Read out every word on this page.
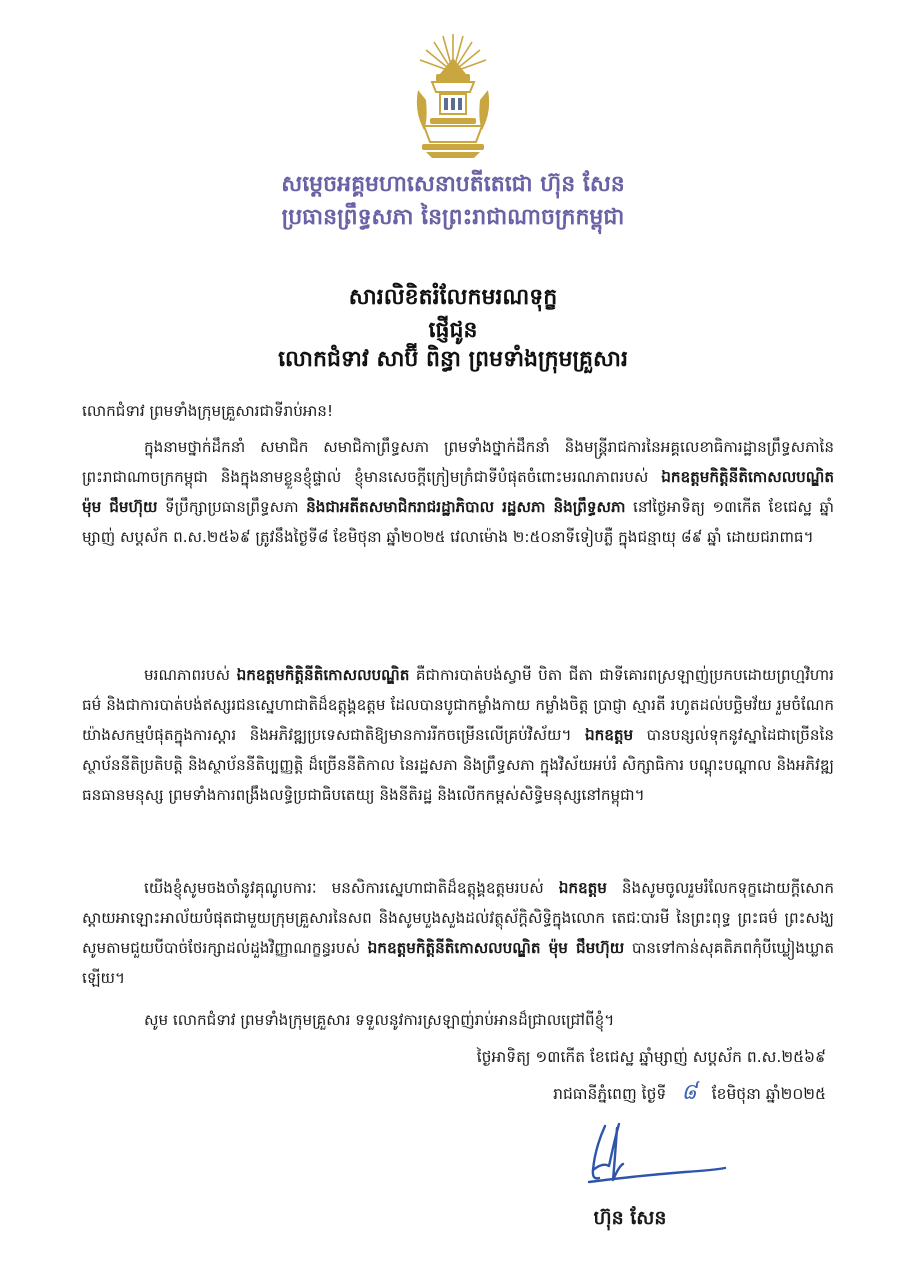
សម្តេចអគ្គមហាសេនាបតីតេជោ ហ៊ុន សែន
ប្រធានព្រឹទ្ធសភា នៃព្រះរាជាណាចក្រកម្ពុជា
សារលិខិតរំលែកមរណទុក្ខ
ផ្ញើជូន
លោកជំទាវ សាប៊ី ពិន្ធា ព្រមទាំងក្រុមគ្រួសារ
លោកជំទាវ ព្រមទាំងក្រុមគ្រួសារជាទីរាប់អាន!
ក្នុងនាមថ្នាក់ដឹកនាំ សមាជិក សមាជិកាព្រឹទ្ធសភា ព្រមទាំងថ្នាក់ដឹកនាំ និងមន្ត្រីរាជការនៃអគ្គលេខាធិការដ្ឋានព្រឹទ្ធសភានៃព្រះរាជាណាចក្រកម្ពុជា និងក្នុងនាមខ្លួនខ្ញុំផ្ទាល់ ខ្ញុំមានសេចក្តីក្រៀមក្រំជាទីបំផុតចំពោះមរណភាពរបស់ ឯកឧត្តមកិត្តិនីតិកោសលបណ្ឌិត ម៉ុម ជឹមហ៊ុយ ទីប្រឹក្សាប្រធានព្រឹទ្ធសភា និងជាអតីតសមាជិករាជរដ្ឋាភិបាល រដ្ឋសភា និងព្រឹទ្ធសភា នៅថ្ងៃអាទិត្យ ១៣កើត ខែជេស្ឋ ឆ្នាំម្សាញ់ សប្តស័ក ព.ស.២៥៦៩ ត្រូវនឹងថ្ងៃទី៨ ខែមិថុនា ឆ្នាំ២០២៥ វេលាម៉ោង ២:៥០នាទីទៀបភ្លឺ ក្នុងជន្មាយុ ៨៩ ឆ្នាំ ដោយជរាពាធ។
មរណភាពរបស់ ឯកឧត្តមកិត្តិនីតិកោសលបណ្ឌិត គឺជាការបាត់បង់ស្វាមី បិតា ជីតា ជាទីគោរពស្រឡាញ់ប្រកបដោយព្រហ្មវិហារធម៌ និងជាការបាត់បង់ឥស្សរជនស្នេហាជាតិដ៏ឧត្តុង្គឧត្តម ដែលបានបូជាកម្លាំងកាយ កម្លាំងចិត្ត ប្រាជ្ញា ស្មារតី រហូតដល់បច្ឆិមវ័យ រួមចំណែកយ៉ាងសកម្មបំផុតក្នុងការស្តារ និងអភិវឌ្ឍប្រទេសជាតិឱ្យមានការរីកចម្រើនលើគ្រប់វិស័យ។ ឯកឧត្តម បានបន្សល់ទុកនូវស្នាដៃជាច្រើននៃស្ថាប័ននីតិប្រតិបត្តិ និងស្ថាប័ននីតិប្បញ្ញត្តិ ដ៏ច្រើននីតិកាល នៃរដ្ឋសភា និងព្រឹទ្ធសភា ក្នុងវិស័យអប់រំ សិក្សាធិការ បណ្តុះបណ្តាល និងអភិវឌ្ឍធនធានមនុស្ស ព្រមទាំងការពង្រឹងលទ្ធិប្រជាធិបតេយ្យ និងនីតិរដ្ឋ និងលើកកម្ពស់សិទ្ធិមនុស្សនៅកម្ពុជា។
យើងខ្ញុំសូមចងចាំនូវគុណូបការៈ មនសិការស្នេហាជាតិដ៏ឧត្តុង្គឧត្តមរបស់ ឯកឧត្តម និងសូមចូលរួមរំលែកទុក្ខដោយក្តីសោកស្តាយអាឡោះអាល័យបំផុតជាមួយក្រុមគ្រួសារនៃសព និងសូមបួងសួងដល់វត្ថុស័ក្តិសិទ្ធិក្នុងលោក តេជៈបារមី នៃព្រះពុទ្ធ ព្រះធម៌ ព្រះសង្ឃ សូមតាមជួយបីបាច់ថែរក្សាដល់ដួងវិញ្ញាណក្ខន្ធរបស់ ឯកឧត្តមកិត្តិនីតិកោសលបណ្ឌិត ម៉ុម ជឹមហ៊ុយ បានទៅកាន់សុគតិភពកុំបីឃ្លៀងឃ្លាតឡើយ។
សូម លោកជំទាវ ព្រមទាំងក្រុមគ្រួសារ ទទួលនូវការស្រឡាញ់រាប់អានដ៏ជ្រាលជ្រៅពីខ្ញុំ។
ថ្ងៃអាទិត្យ ១៣កើត ខែជេស្ឋ ឆ្នាំម្សាញ់ សប្តស័ក ព.ស.២៥៦៩
រាជធានីភ្នំពេញ ថ្ងៃទី ៨ ខែមិថុនា ឆ្នាំ២០២៥
ហ៊ុន សែន
